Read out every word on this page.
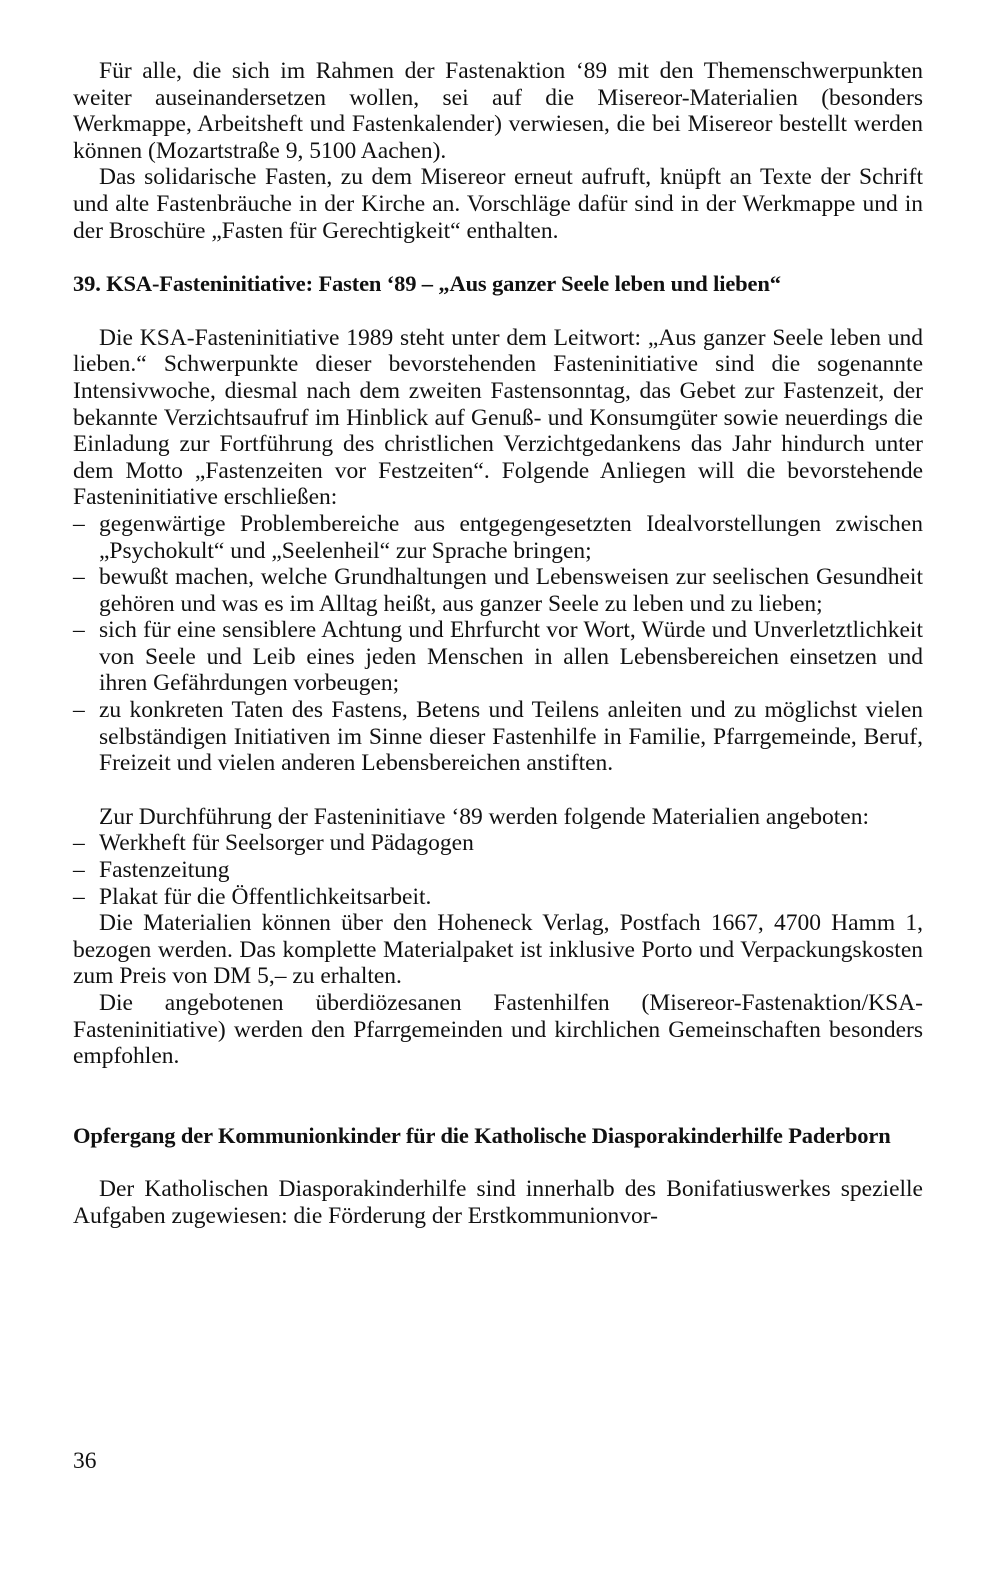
Für alle, die sich im Rahmen der Fastenaktion ‘89 mit den Themenschwerpunkten weiter auseinandersetzen wollen, sei auf die Misereor-Materialien (besonders Werkmappe, Arbeitsheft und Fastenkalender) verwiesen, die bei Misereor bestellt werden können (Mozartstraße 9, 5100 Aachen).

Das solidarische Fasten, zu dem Misereor erneut aufruft, knüpft an Texte der Schrift und alte Fastenbräuche in der Kirche an. Vorschläge dafür sind in der Werkmappe und in der Broschüre „Fasten für Gerechtigkeit“ enthalten.

39. KSA-Fasteninitiative: Fasten ‘89 – „Aus ganzer Seele leben und lieben“

Die KSA-Fasteninitiative 1989 steht unter dem Leitwort: „Aus ganzer Seele leben und lieben.“ Schwerpunkte dieser bevorstehenden Fasteninitiative sind die sogenannte Intensivwoche, diesmal nach dem zweiten Fastensonntag, das Gebet zur Fastenzeit, der bekannte Verzichtsaufruf im Hinblick auf Genuß- und Konsumgüter sowie neuerdings die Einladung zur Fortführung des christlichen Verzichtgedankens das Jahr hindurch unter dem Motto „Fastenzeiten vor Festzeiten“. Folgende Anliegen will die bevorstehende Fasteninitiative erschließen:

– gegenwärtige Problembereiche aus entgegengesetzten Idealvorstellungen zwischen „Psychokult“ und „Seelenheil“ zur Sprache bringen;
– bewußt machen, welche Grundhaltungen und Lebensweisen zur seelischen Gesundheit gehören und was es im Alltag heißt, aus ganzer Seele zu leben und zu lieben;
– sich für eine sensiblere Achtung und Ehrfurcht vor Wort, Würde und Unverletztlichkeit von Seele und Leib eines jeden Menschen in allen Lebensbereichen einsetzen und ihren Gefährdungen vorbeugen;
– zu konkreten Taten des Fastens, Betens und Teilens anleiten und zu möglichst vielen selbständigen Initiativen im Sinne dieser Fastenhilfe in Familie, Pfarrgemeinde, Beruf, Freizeit und vielen anderen Lebensbereichen anstiften.

Zur Durchführung der Fasteninitiave ‘89 werden folgende Materialien angeboten:

– Werkheft für Seelsorger und Pädagogen
– Fastenzeitung
– Plakat für die Öffentlichkeitsarbeit.

Die Materialien können über den Hoheneck Verlag, Postfach 1667, 4700 Hamm 1, bezogen werden. Das komplette Materialpaket ist inklusive Porto und Verpackungskosten zum Preis von DM 5,– zu erhalten.

Die angebotenen überdiözesanen Fastenhilfen (Misereor-Fastenaktion/KSA-Fasteninitiative) werden den Pfarrgemeinden und kirchlichen Gemeinschaften besonders empfohlen.

Opfergang der Kommunionkinder für die Katholische Diasporakinderhilfe Paderborn

Der Katholischen Diasporakinderhilfe sind innerhalb des Bonifatiuswerkes spezielle Aufgaben zugewiesen: die Förderung der Erstkommunionvor-

36
